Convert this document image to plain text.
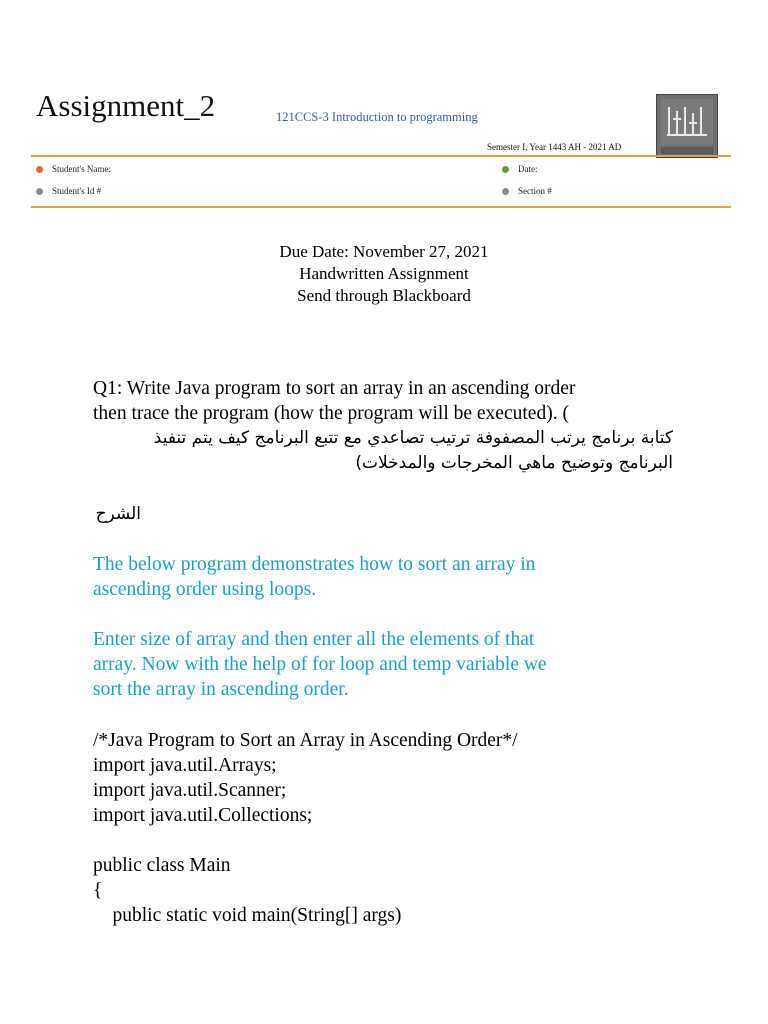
Assignment_2	121CCS-3 Introduction to programming
Semester I, Year 1443 AH - 2021 AD
Student's Name:	Date:
Student's Id #	Section #
Due Date: November 27, 2021
Handwritten Assignment
Send through Blackboard
Q1: Write Java program to sort an array in an ascending order
then trace the program (how the program will be executed). (
كتابة برنامج يرتب المصفوفة ترتيب تصاعدي مع تتبع البرنامج كيف يتم تنفيذ
البرنامج وتوضيح ماهي المخرجات والمدخلات)
الشرح
The below program demonstrates how to sort an array in
ascending order using loops.
Enter size of array and then enter all the elements of that
array. Now with the help of for loop and temp variable we
sort the array in ascending order.
/*Java Program to Sort an Array in Ascending Order*/
import java.util.Arrays;
import java.util.Scanner;
import java.util.Collections;
public class Main
{
public static void main(String[] args)
